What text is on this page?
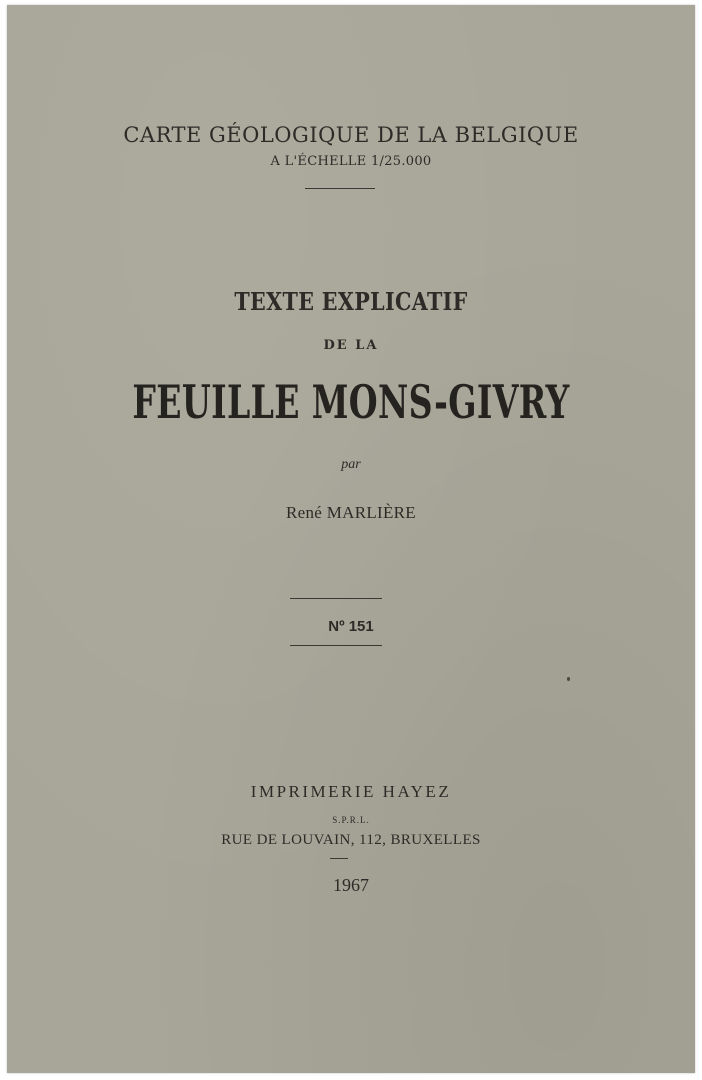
CARTE GÉOLOGIQUE DE LA BELGIQUE
A L'ÉCHELLE 1/25.000
TEXTE EXPLICATIF
DE LA
FEUILLE MONS-GIVRY
par
René MARLIÈRE
Nº 151
IMPRIMERIE HAYEZ
S.P.R.L.
RUE DE LOUVAIN, 112, BRUXELLES
1967
